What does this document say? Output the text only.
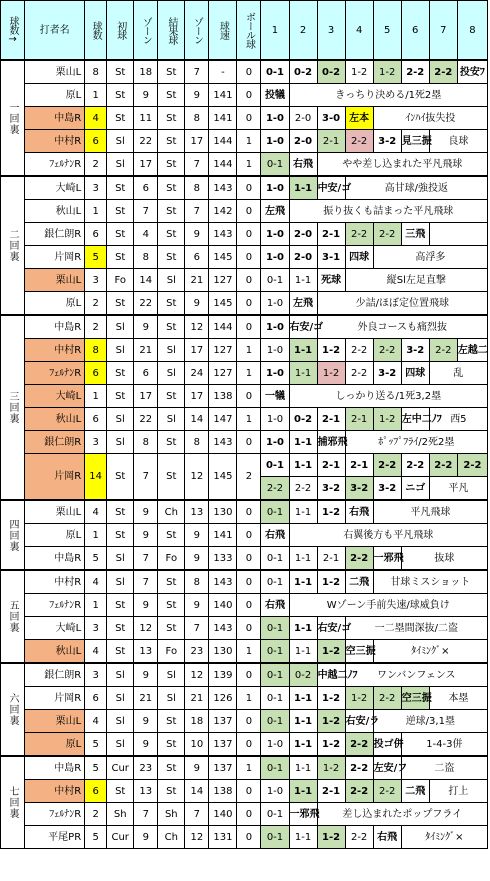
球数→	打者名	球数	初球	ゾーン	結果球	ゾーン	球速	ボール球	1	2	3	4	5	6	7	8
一回裏	栗山L	8	St	18	St	7	-	0	0-1	0-2	0-2	1-2	1-2	2-2	2-2	投安ﾌ
	原L	1	St	9	St	9	141	0	投犠	きっちり決める/1死2塁						
	中島R	4	St	11	St	8	141	0	1-0	2-0	3-0	左本	ｲﾝﾊｲ抜失投			
	中村R	6	Sl	22	St	17	144	1	1-0	2-0	2-1	2-2	3-2	見三振	良球	
	ﾌｪﾙﾅﾝR	2	Sl	17	St	7	144	1	0-1	右飛	やや差し込まれた平凡飛球					
二回裏	大崎L	3	St	6	St	8	143	0	1-0	1-1	中安/ゴ	高甘球/強投返				
	秋山L	1	St	7	St	7	142	0	左飛	振り抜くも詰まった平凡飛球						
	銀仁朗R	6	St	4	St	9	143	0	1-0	2-0	2-1	2-2	2-2	三飛		
	片岡R	5	St	8	St	6	145	0	1-0	2-0	3-1	四球	高浮多			
	栗山L	3	Fo	14	Sl	21	127	0	0-1	1-1	死球	縦Sl左足直撃				
	原L	2	St	22	St	9	145	0	1-0	左飛	少詰/ほぼ定位置飛球					
三回裏	中島R	2	Sl	9	St	12	144	0	1-0	右安/ゴ	外良コースも痛烈抜					
	中村R	8	Sl	21	Sl	17	127	1	1-0	1-1	1-2	2-2	2-2	3-2	2-2	左越二
	ﾌｪﾙﾅﾝR	6	St	6	Sl	24	127	1	1-0	1-1	1-2	2-2	3-2	四球	乱	
	大崎L	1	St	17	St	17	138	0	一犠	しっかり送る/1死3,2塁						
	秋山L	6	Sl	22	Sl	14	147	1	1-0	0-2	2-1	2-1	1-2	左中二ﾉﾌ	西5	
	銀仁朗R	3	Sl	8	St	8	143	0	1-0	1-1	捕邪飛	ﾎﾟｯﾌﾟﾌﾗｲ/2死2塁				
	片岡R	14	St	7	St	12	145	2	0-1	1-1	2-1	2-1	2-2	2-2	2-2	2-2
									2-2	2-2	3-2	3-2	3-2	ニゴ	平凡	
四回裏	栗山L	4	St	9	Ch	13	130	0	0-1	1-1	1-2	右飛	平凡飛球			
	原L	1	St	9	St	9	141	0	右飛	右翼後方も平凡飛球						
	中島R	5	Sl	7	Fo	9	133	0	0-1	1-1	2-1	2-2	一邪飛	抜球		
五回裏	中村R	4	Sl	7	St	8	143	0	0-1	1-1	1-2	二飛	甘球ミスショット			
	ﾌｪﾙﾅﾝR	1	St	9	St	9	140	0	右飛	Wゾーン手前失速/球威負け						
	大崎L	3	St	12	St	7	143	0	0-1	1-1	右安/ゴ	一二塁間深抜/二盗				
	秋山L	4	St	13	Fo	23	130	1	0-1	1-1	1-2	空三振	ﾀｲﾐﾝｸﾞ×			
六回裏	銀仁朗R	3	Sl	9	Sl	12	139	0	0-1	0-2	中越二ﾉﾌ	ワンバンフェンス				
	片岡R	6	Sl	21	Sl	21	126	1	0-1	1-1	1-2	1-2	2-2	空三振	本塁	
	栗山L	4	Sl	9	St	18	137	0	0-1	1-1	1-2	右安/ラ	逆球/3,1塁			
	原L	5	Sl	9	St	10	137	0	1-0	1-1	1-2	2-2	投ゴ併	1-4-3併		
七回裏	中島R	5	Cur	23	St	9	137	1	0-1	1-1	1-2	2-2	左安/フ	二盗		
	中村R	6	St	13	St	14	138	0	1-0	1-1	2-1	2-2	2-2	二飛	打上	
	ﾌｪﾙﾅﾝR	2	Sh	7	Sh	7	140	0	0-1	一邪飛	差し込まれたポップフライ					
	平尾PR	5	Cur	9	Ch	12	131	0	0-1	1-1	1-2	2-2	右飛	ﾀｲﾐﾝｸﾞ×		
